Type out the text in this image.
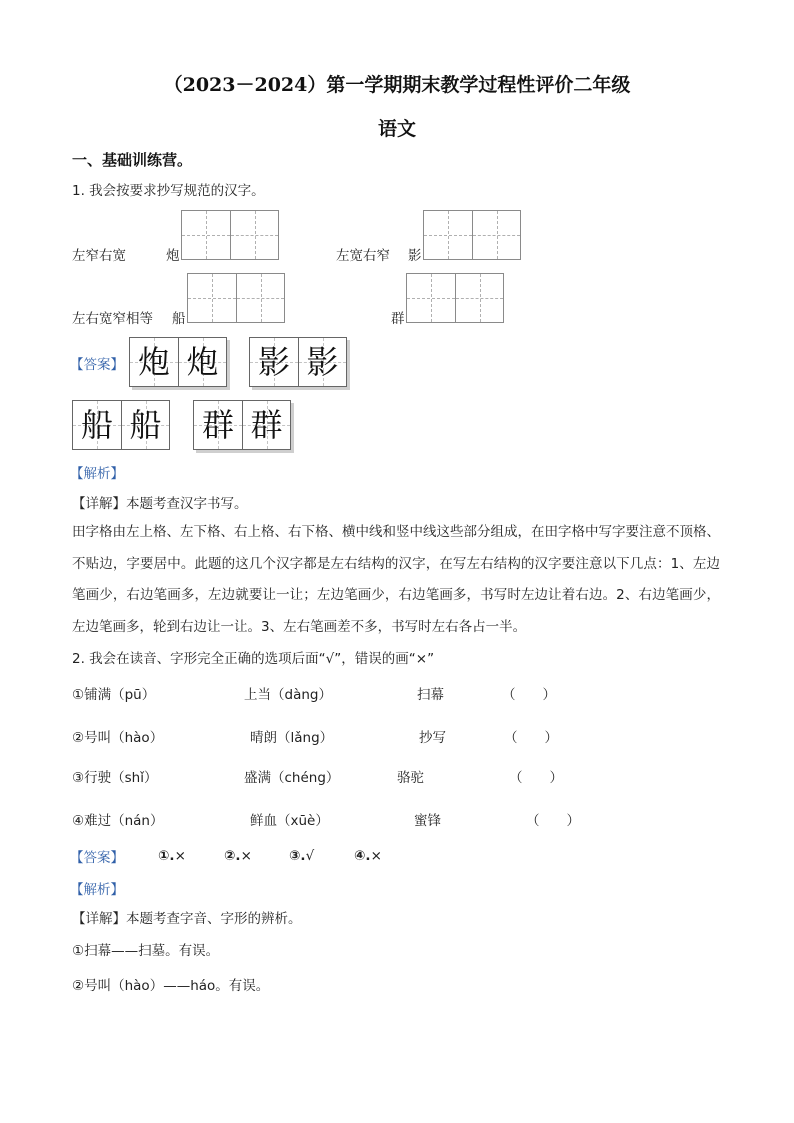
（2023－2024）第一学期期末教学过程性评价二年级
语文
一、基础训练营。
1. 我会按要求抄写规范的汉字。
左窄右宽	炮	左宽右窄 影
左右宽窄相等 船	群
【答案】 炮 炮 影 影
船 船 群 群
【解析】
【详解】本题考查汉字书写。
田字格由左上格、左下格、右上格、右下格、横中线和竖中线这些部分组成，在田字格中写字要注意不顶格、不贴边，字要居中。此题的这几个汉字都是左右结构的汉字，在写左右结构的汉字要注意以下几点：1、左边笔画少，右边笔画多，左边就要让一让；左边笔画少，右边笔画多，书写时左边让着右边。2、右边笔画少，左边笔画多，轮到右边让一让。3、左右笔画差不多，书写时左右各占一半。
2. 我会在读音、字形完全正确的选项后面“√”，错误的画“×”
①铺满（pū）	上当（dàng）	扫幕	（　　）
②号叫（hào）	晴朗（lǎng）	抄写	（　　）
③行驶（shǐ）	盛满（chéng）	骆驼	（　　）
④难过（nán）	鲜血（xūè）	蜜锋	（　　）
【答案】	①.×	②.×	③.√	④.×
【解析】
【详解】本题考查字音、字形的辨析。
①扫幕——扫墓。有误。
②号叫（hào）——háo。有误。
